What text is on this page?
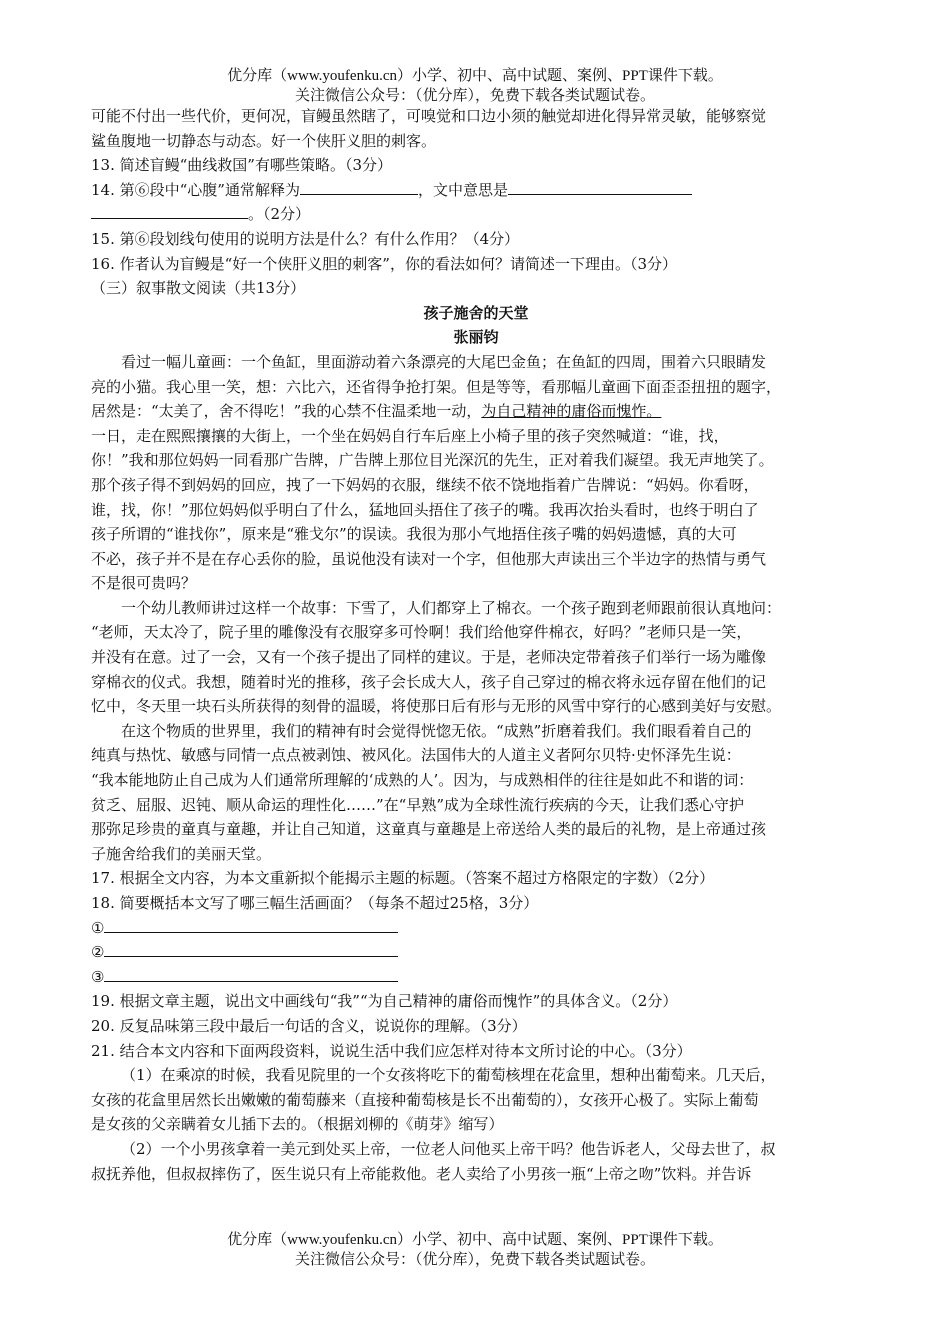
优分库（www.youfenku.cn）小学、初中、高中试题、案例、PPT课件下载。
关注微信公众号：（优分库），免费下载各类试题试卷。
可能不付出一些代价，更何况，盲鳗虽然瞎了，可嗅觉和口边小须的触觉却进化得异常灵敏，能够察觉
鲨鱼腹地一切静态与动态。好一个侠肝义胆的刺客。
13. 简述盲鳗“曲线救国”有哪些策略。（3分）
14. 第⑥段中“心腹”通常解释为	，文中意思是
。（2分）
15. 第⑥段划线句使用的说明方法是什么？有什么作用？（4分）
16. 作者认为盲鳗是“好一个侠肝义胆的刺客”，你的看法如何？请简述一下理由。（3分）
（三）叙事散文阅读（共13分）
孩子施舍的天堂
张丽钧
看过一幅儿童画：一个鱼缸，里面游动着六条漂亮的大尾巴金鱼；在鱼缸的四周，围着六只眼睛发
亮的小猫。我心里一笑，想：六比六，还省得争抢打架。但是等等，看那幅儿童画下面歪歪扭扭的题字，
居然是：“太美了，舍不得吃！”我的心禁不住温柔地一动，为自己精神的庸俗而愧怍。
一日，走在熙熙攘攘的大街上，一个坐在妈妈自行车后座上小椅子里的孩子突然喊道：“谁，找，
你！”我和那位妈妈一同看那广告牌，广告牌上那位目光深沉的先生，正对着我们凝望。我无声地笑了。
那个孩子得不到妈妈的回应，拽了一下妈妈的衣服，继续不依不饶地指着广告牌说：“妈妈。你看呀，
谁，找，你！”那位妈妈似乎明白了什么，猛地回头捂住了孩子的嘴。我再次抬头看时，也终于明白了
孩子所谓的“谁找你”，原来是“雅戈尔”的误读。我很为那小气地捂住孩子嘴的妈妈遗憾，真的大可
不必，孩子并不是在存心丢你的脸，虽说他没有读对一个字，但他那大声读出三个半边字的热情与勇气
不是很可贵吗？
一个幼儿教师讲过这样一个故事：下雪了，人们都穿上了棉衣。一个孩子跑到老师跟前很认真地问：
“老师，天太冷了，院子里的雕像没有衣服穿多可怜啊！我们给他穿件棉衣，好吗？”老师只是一笑，
并没有在意。过了一会，又有一个孩子提出了同样的建议。于是，老师决定带着孩子们举行一场为雕像
穿棉衣的仪式。我想，随着时光的推移，孩子会长成大人，孩子自己穿过的棉衣将永远存留在他们的记
忆中，冬天里一块石头所获得的刻骨的温暖，将使那日后有形与无形的风雪中穿行的心感到美好与安慰。
在这个物质的世界里，我们的精神有时会觉得恍惚无依。“成熟”折磨着我们。我们眼看着自己的
纯真与热忱、敏感与同情一点点被剥蚀、被风化。法国伟大的人道主义者阿尔贝特·史怀泽先生说：
“我本能地防止自己成为人们通常所理解的‘成熟的人’。因为，与成熟相伴的往往是如此不和谐的词：
贫乏、屈服、迟钝、顺从命运的理性化……”在“早熟”成为全球性流行疾病的今天，让我们悉心守护
那弥足珍贵的童真与童趣，并让自己知道，这童真与童趣是上帝送给人类的最后的礼物，是上帝通过孩
子施舍给我们的美丽天堂。
17. 根据全文内容，为本文重新拟个能揭示主题的标题。（答案不超过方格限定的字数）（2分）
18. 简要概括本文写了哪三幅生活画面？（每条不超过25格，3分）
①
②
③
19. 根据文章主题，说出文中画线句“我”“为自己精神的庸俗而愧怍”的具体含义。（2分）
20. 反复品味第三段中最后一句话的含义，说说你的理解。（3分）
21. 结合本文内容和下面两段资料，说说生活中我们应怎样对待本文所讨论的中心。（3分）
（1）在乘凉的时候，我看见院里的一个女孩将吃下的葡萄核埋在花盒里，想种出葡萄来。几天后，
女孩的花盒里居然长出嫩嫩的葡萄藤来（直接种葡萄核是长不出葡萄的），女孩开心极了。实际上葡萄
是女孩的父亲瞒着女儿插下去的。（根据刘柳的《萌芽》缩写）
（2）一个小男孩拿着一美元到处买上帝，一位老人问他买上帝干吗？他告诉老人，父母去世了，叔
叔抚养他，但叔叔摔伤了，医生说只有上帝能救他。老人卖给了小男孩一瓶“上帝之吻”饮料。并告诉
优分库（www.youfenku.cn）小学、初中、高中试题、案例、PPT课件下载。
关注微信公众号：（优分库），免费下载各类试题试卷。
